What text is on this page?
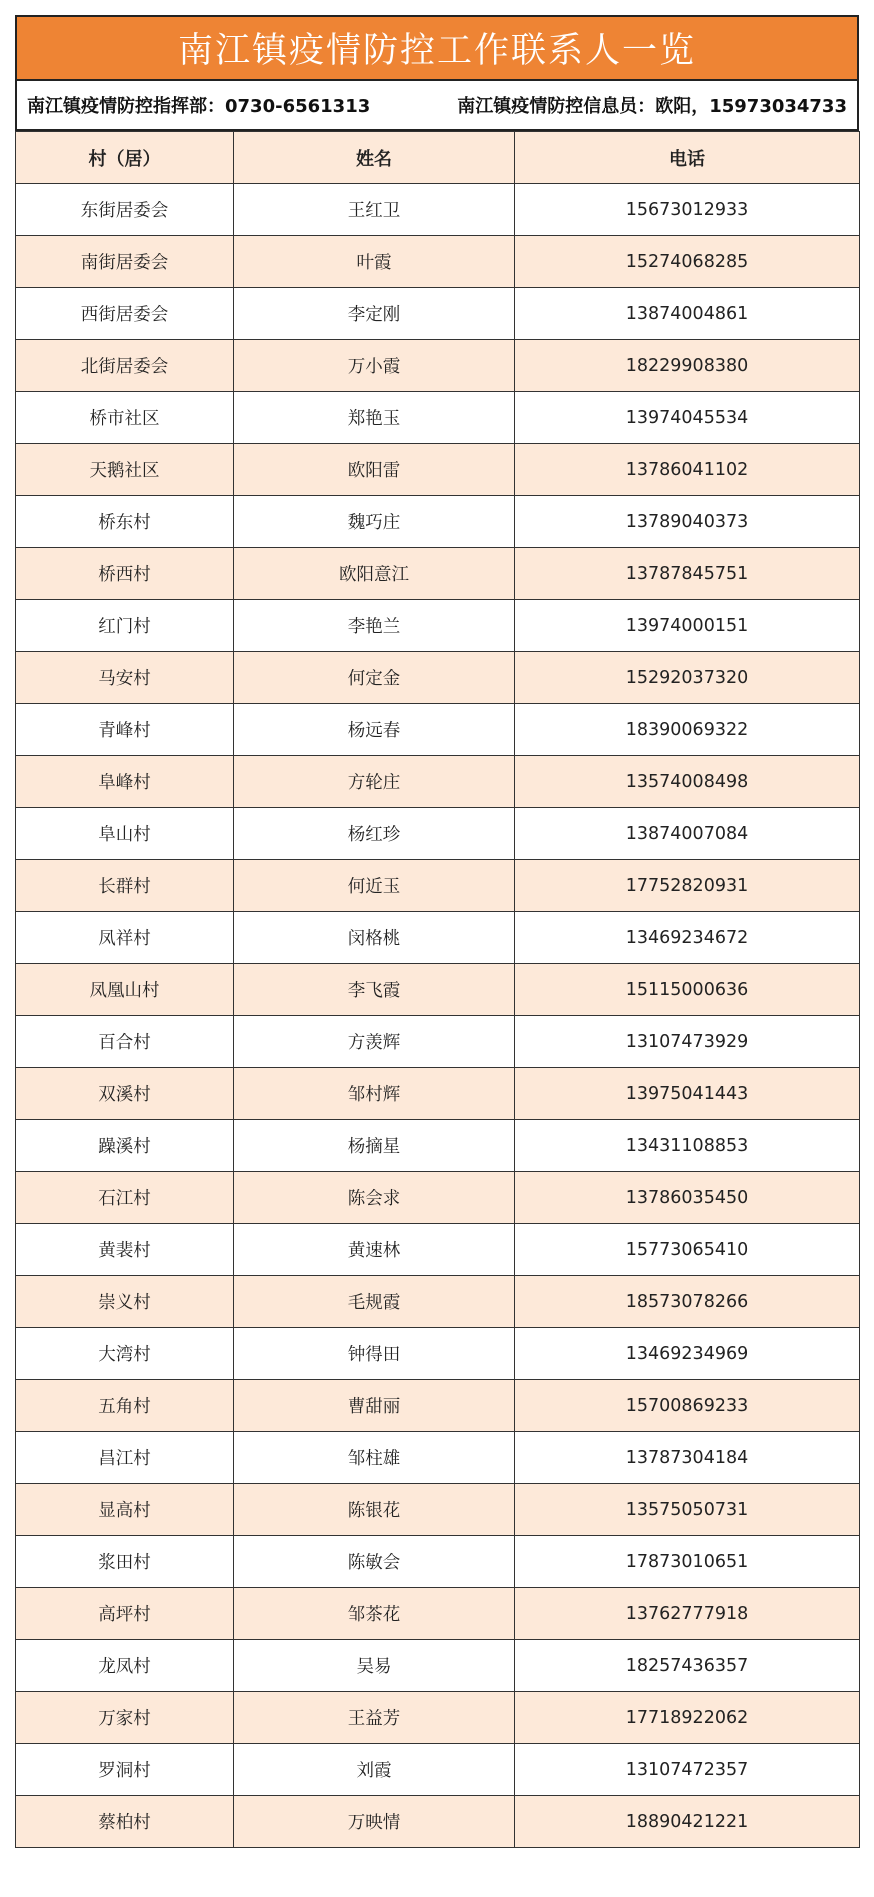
南江镇疫情防控工作联系人一览
南江镇疫情防控指挥部：0730-6561313	南江镇疫情防控信息员：欧阳，15973034733
村（居）	姓名	电话
东街居委会	王红卫	15673012933
南街居委会	叶霞	15274068285
西街居委会	李定刚	13874004861
北街居委会	万小霞	18229908380
桥市社区	郑艳玉	13974045534
天鹅社区	欧阳雷	13786041102
桥东村	魏巧庄	13789040373
桥西村	欧阳意江	13787845751
红门村	李艳兰	13974000151
马安村	何定金	15292037320
青峰村	杨远春	18390069322
阜峰村	方轮庄	13574008498
阜山村	杨红珍	13874007084
长群村	何近玉	17752820931
凤祥村	闵格桃	13469234672
凤凰山村	李飞霞	15115000636
百合村	方羡辉	13107473929
双溪村	邹村辉	13975041443
躁溪村	杨摘星	13431108853
石江村	陈会求	13786035450
黄裴村	黄速林	15773065410
崇义村	毛规霞	18573078266
大湾村	钟得田	13469234969
五角村	曹甜丽	15700869233
昌江村	邹柱雄	13787304184
显高村	陈银花	13575050731
浆田村	陈敏会	17873010651
高坪村	邹茶花	13762777918
龙凤村	吴易	18257436357
万家村	王益芳	17718922062
罗洞村	刘霞	13107472357
蔡柏村	万映情	18890421221
